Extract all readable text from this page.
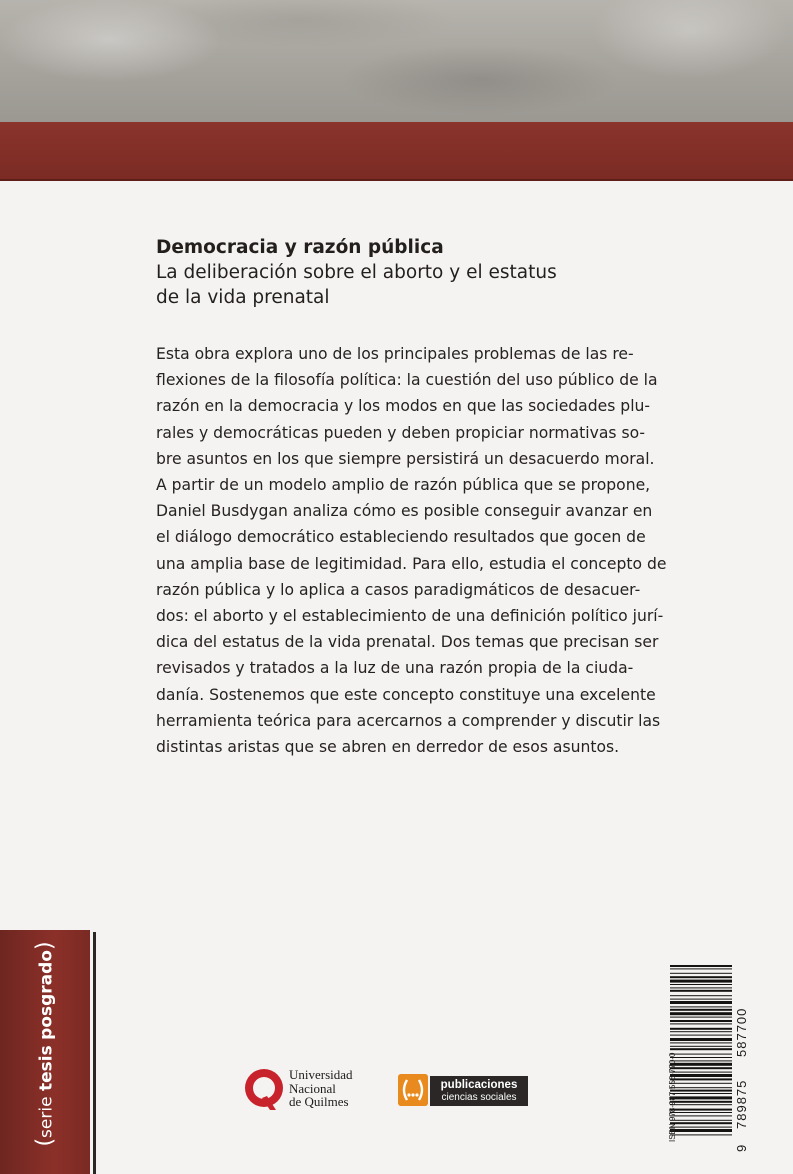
Democracia y razón pública

La deliberación sobre el aborto y el estatus
de la vida prenatal

Esta obra explora uno de los principales problemas de las re-
flexiones de la filosofía política: la cuestión del uso público de la
razón en la democracia y los modos en que las sociedades plu-
rales y democráticas pueden y deben propiciar normativas so-
bre asuntos en los que siempre persistirá un desacuerdo moral.
A partir de un modelo amplio de razón pública que se propone,
Daniel Busdygan analiza cómo es posible conseguir avanzar en
el diálogo democrático estableciendo resultados que gocen de
una amplia base de legitimidad. Para ello, estudia el concepto de
razón pública y lo aplica a casos paradigmáticos de desacuer-
dos: el aborto y el establecimiento de una definición político jurí-
dica del estatus de la vida prenatal. Dos temas que precisan ser
revisados y tratados a la luz de una razón propia de la ciuda-
danía. Sostenemos que este concepto constituye una excelente
herramienta teórica para acercarnos a comprender y discutir las
distintas aristas que se abren en derredor de esos asuntos.
(serie tesis posgrado)
Universidad
Nacional
de Quilmes
publicaciones
ciencias sociales	ISBN 978-987-558-770-0
9
789875
587700
